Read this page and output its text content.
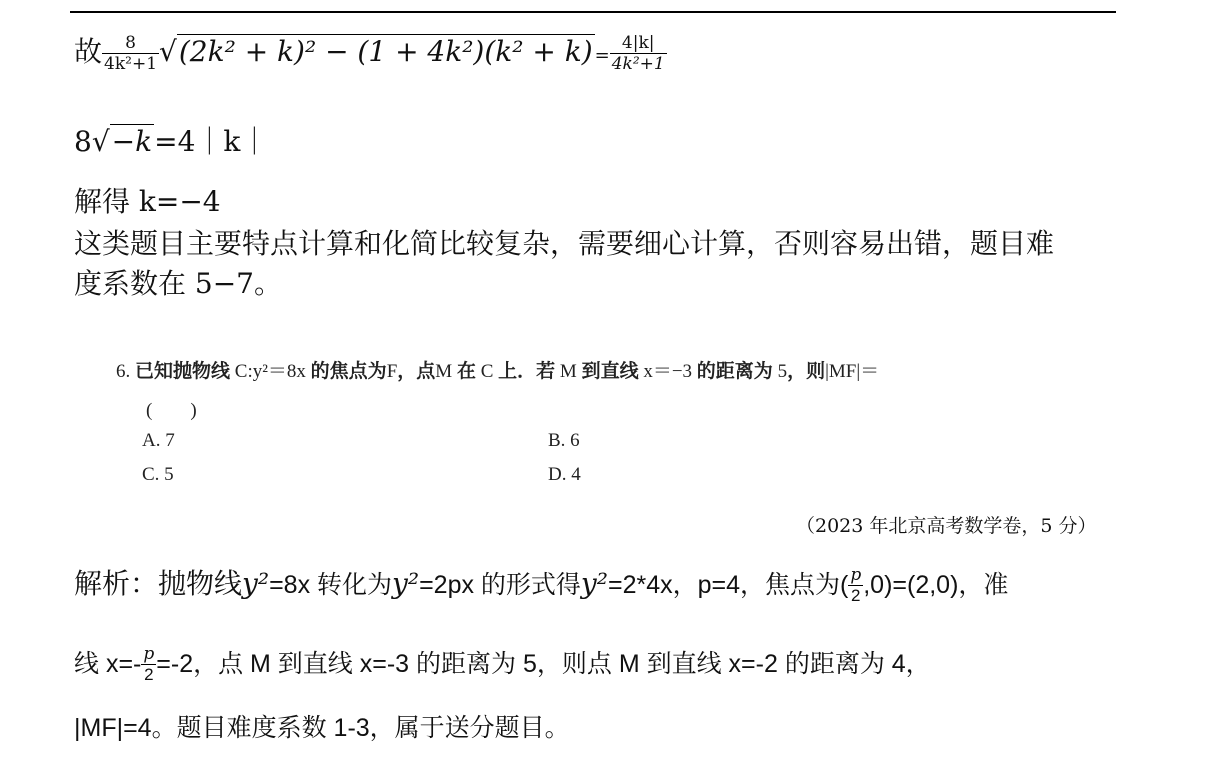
故 $\frac{8}{\text{4k²+1}} √(2k^2 + k)^2 - (1 + 4k^2)(k^2 + k) = \frac{4|k|}{\text{4k²+1}}$
8√−k=4｜k｜
解得 k=−4
这类题目主要特点计算和化简比较复杂，需要细心计算，否则容易出错，题目难
度系数在 5−7。
6. 已知抛物线 C:y²＝8x 的焦点为F，点M 在 C 上．若 M 到直线 x＝−3 的距离为 5，则|MF|＝
(　　)
A. 7	B. 6
C. 5	D. 4
（2023 年北京高考数学卷，5 分）
解析：抛物线y²=8x 转化为y²=2px 的形式得y²=2*4x，p=4，焦点为( $\frac{p}{2} ,0)=(2,0)$，准
线 $x=- \frac{p}{2} =-2$，点 M 到直线 x=-3 的距离为 5，则点 M 到直线 x=-2 的距离为 4，
|MF|=4。题目难度系数 1-3，属于送分题目。
